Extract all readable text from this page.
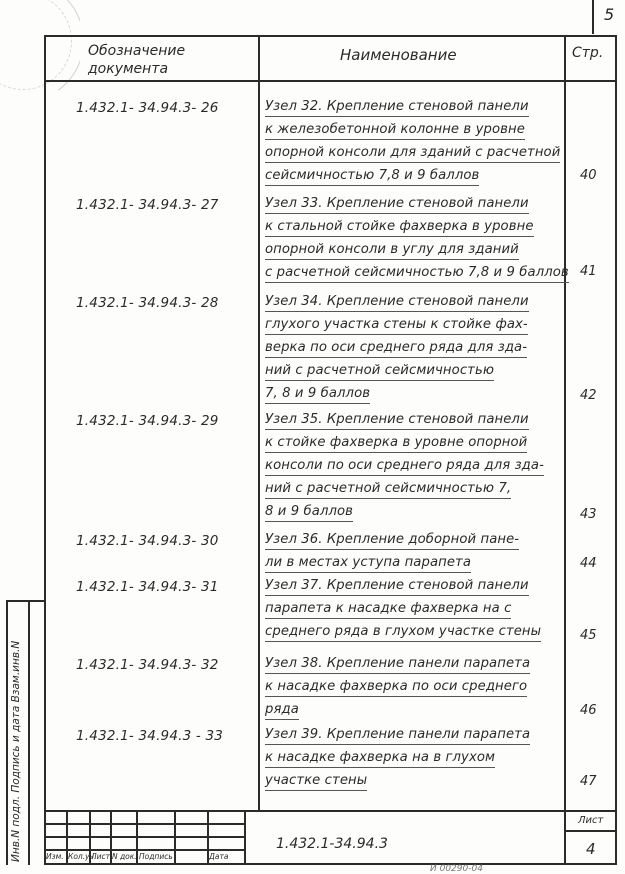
5
Обозначение документа
Наименование	Стр.
1.432.1- 34.94.3- 26	Узел 32. Крепление стеновой панели
к железобетонной колонне в уровне
опорной консоли для зданий с расчетной
сейсмичностью 7,8 и 9 баллов	40
1.432.1- 34.94.3- 27	Узел 33. Крепление стеновой панели
к стальной стойке фахверка в уровне
опорной консоли в углу для зданий
с расчетной сейсмичностью 7,8 и 9 баллов 41
1.432.1- 34.94.3- 28	Узел 34. Крепление стеновой панели
глухого участка стены к стойке фах-
верка по оси среднего ряда для зда-
ний с расчетной сейсмичностью
7, 8 и 9 баллов	42
1.432.1- 34.94.3- 29	Узел 35. Крепление стеновой панели
к стойке фахверка в уровне опорной
консоли по оси среднего ряда для зда-
ний с расчетной сейсмичностью 7,
8 и 9 баллов	43
1.432.1- 34.94.3- 30	Узел 36. Крепление доборной пане-
ли в местах уступа парапета	44
1.432.1- 34.94.3- 31	Узел 37. Крепление стеновой панели
парапета к насадке фахверка на с
среднего ряда в глухом участке стены	45
1.432.1- 34.94.3- 32	Узел 38. Крепление панели парапета
к насадке фахверка по оси среднего
ряда	46
1.432.1- 34.94.3 - 33	Узел 39. Крепление панели парапета
к насадке фахверка на в глухом
участке стены	47
Изм. Кол.уч.
Лист N док. Подпись	Дата
1.432.1-34.94.3
Лист
4
Инв.N подл. Подпись и дата Взам.инв.N
И 00290-04
